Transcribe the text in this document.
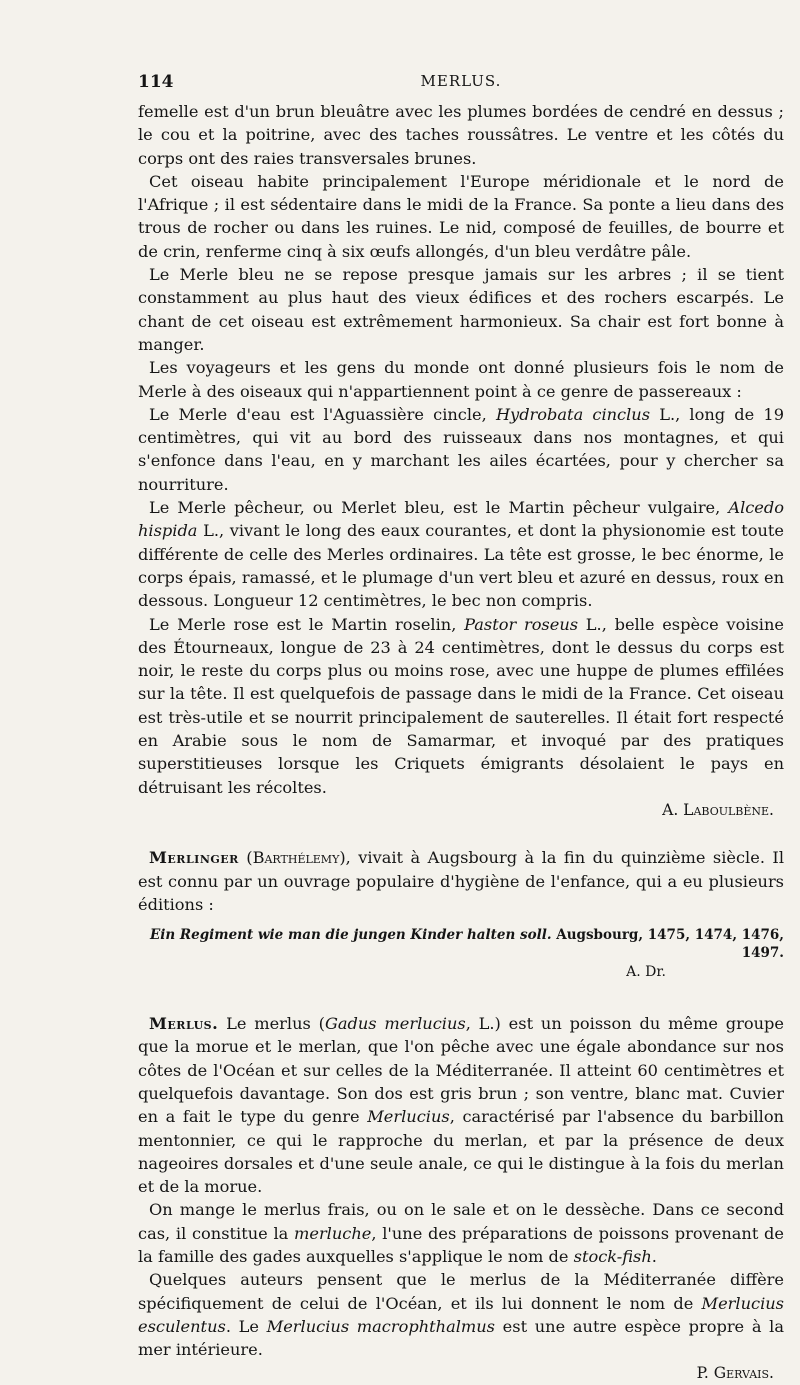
114	MERLUS.

femelle est d'un brun bleuâtre avec les plumes bordées de cendré en dessus ; le cou et la poitrine, avec des taches roussâtres. Le ventre et les côtés du corps ont des raies transversales brunes.

Cet oiseau habite principalement l'Europe méridionale et le nord de l'Afrique ; il est sédentaire dans le midi de la France. Sa ponte a lieu dans des trous de rocher ou dans les ruines. Le nid, composé de feuilles, de bourre et de crin, renferme cinq à six œufs allongés, d'un bleu verdâtre pâle.

Le Merle bleu ne se repose presque jamais sur les arbres ; il se tient constamment au plus haut des vieux édifices et des rochers escarpés. Le chant de cet oiseau est extrêmement harmonieux. Sa chair est fort bonne à manger.

Les voyageurs et les gens du monde ont donné plusieurs fois le nom de Merle à des oiseaux qui n'appartiennent point à ce genre de passereaux :

Le Merle d'eau est l'Aguassière cincle, Hydrobata cinclus L., long de 19 centimètres, qui vit au bord des ruisseaux dans nos montagnes, et qui s'enfonce dans l'eau, en y marchant les ailes écartées, pour y chercher sa nourriture.

Le Merle pêcheur, ou Merlet bleu, est le Martin pêcheur vulgaire, Alcedo hispida L., vivant le long des eaux courantes, et dont la physionomie est toute différente de celle des Merles ordinaires. La tête est grosse, le bec énorme, le corps épais, ramassé, et le plumage d'un vert bleu et azuré en dessus, roux en dessous. Longueur 12 centimètres, le bec non compris.

Le Merle rose est le Martin roselin, Pastor roseus L., belle espèce voisine des Étourneaux, longue de 23 à 24 centimètres, dont le dessus du corps est noir, le reste du corps plus ou moins rose, avec une huppe de plumes effilées sur la tête. Il est quelquefois de passage dans le midi de la France. Cet oiseau est très-utile et se nourrit principalement de sauterelles. Il était fort respecté en Arabie sous le nom de Samarmar, et invoqué par des pratiques superstitieuses lorsque les Criquets émigrants désolaient le pays en détruisant les récoltes.

A. Laboulbène.

Merlinger (Barthélemy), vivait à Augsbourg à la fin du quinzième siècle. Il est connu par un ouvrage populaire d'hygiène de l'enfance, qui a eu plusieurs éditions :

Ein Regiment wie man die jungen Kinder halten soll. Augsbourg, 1475, 1474, 1476, 1497.

A. Dr.

Merlus. Le merlus (Gadus merlucius, L.) est un poisson du même groupe que la morue et le merlan, que l'on pêche avec une égale abondance sur nos côtes de l'Océan et sur celles de la Méditerranée. Il atteint 60 centimètres et quelquefois davantage. Son dos est gris brun ; son ventre, blanc mat. Cuvier en a fait le type du genre Merlucius, caractérisé par l'absence du barbillon mentonnier, ce qui le rapproche du merlan, et par la présence de deux nageoires dorsales et d'une seule anale, ce qui le distingue à la fois du merlan et de la morue.

On mange le merlus frais, ou on le sale et on le dessèche. Dans ce second cas, il constitue la merluche, l'une des préparations de poissons provenant de la famille des gades auxquelles s'applique le nom de stock-fish.

Quelques auteurs pensent que le merlus de la Méditerranée diffère spécifiquement de celui de l'Océan, et ils lui donnent le nom de Merlucius esculentus. Le Merlucius macrophthalmus est une autre espèce propre à la mer intérieure.

P. Gervais.
